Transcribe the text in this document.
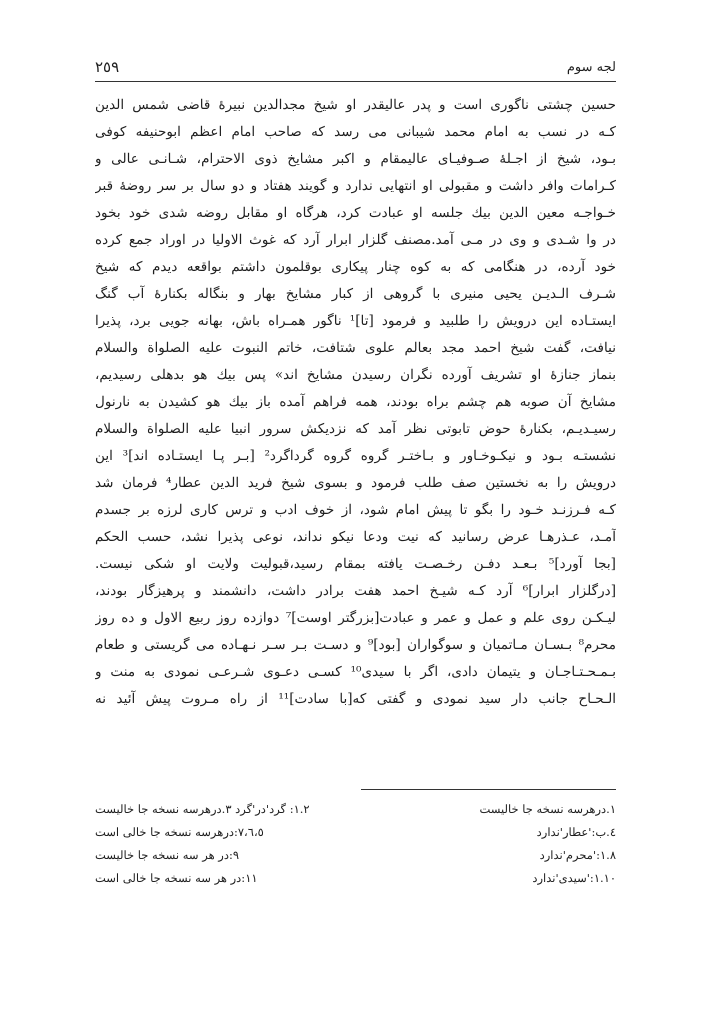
٢٥٩	لجه سوم
حسین چشتی ناگوری است و پدر عالیقدر او شیخ مجدالدین نبیرهٔ قاضی شمس الدین
کـه در نسب به امام محمد شیبانی می رسد که صاحب امام اعظم ابوحنیفه کوفی
بـود، شیخ از اجـلهٔ صـوفیـای عالیمقام و اکبر مشایخ ذوی الاحترام، شـانـی عالی و
کـرامات وافر داشت و مقبولی او انتهایی ندارد و گویند هفتاد و دو سال بر سر روضهٔ قبر
خـواجـه معین الدین بیك جلسه او عبادت کرد، هرگاه او مقابل روضه شدی خود بخود
در وا شـدی و وی در مـی آمد.مصنف گلزار ابرار آرد که غوث الاولیا در اوراد جمع کرده
خود آرده، در هنگامی که به کوه چنار پیکاری بوقلمون داشتم بواقعه دیدم که شیخ
شـرف الـدیـن یحیی منیری با گروهی از کبار مشایخ بهار و بنگاله بکنارهٔ آب گنگ
ایستـاده این درویش را طلبید و فرمود [تا]¹ ناگور همـراه باش، بهانه جویی برد، پذیرا
نیافت، گفت شیخ احمد مجد بعالم علوی شتافت، خاتم النبوت علیه الصلواة والسلام
بنماز جنازهٔ او تشریف آورده نگران رسیدن مشایخ اند» پس بیك هو بدهلی رسیدیم،
مشایخ آن صوبه هم چشم براه بودند، همه فراهم آمده باز بیك هو کشیدن به نارنول
رسیـدیـم، بکنارهٔ حوض تابوتی نظر آمد که نزدیکش سرور انبیا علیه الصلواة والسلام
نشستـه بـود و نیکـوخـاور و بـاختـر گروه گروه گرداگرد² [بـر پـا ایستـاده اند]³ این
درویش را به نخستین صف طلب فرمود و بسوی شیخ فرید الدین عطار⁴ فرمان شد
کـه فـرزنـد خـود را بگو تا پیش امام شود، از خوف ادب و ترس کاری لرزه بر جسدم
آمـد، عـذرهـا عرض رسانید که نیت ودعا نیکو نداند، نوعی پذیرا نشد، حسب الحکم
[بجا آورد]⁵ بـعـد دفـن رخـصـت یافته بمقام رسید،قبولیت ولایت او شکی نیست.
[درگلزار ابرار]⁶ آرد کـه شیـخ احمد هفت برادر داشت، دانشمند و پرهیزگار بودند،
لیـکـن روی علم و عمل و عمر و عبادت[بزرگتر اوست]⁷ دوازده روز ربیع الاول و ده روز
محرم⁸ بـسـان مـاتمیان و سوگواران [بود]⁹ و دسـت بـر سـر نـهـاده می گریستی و طعام
بـمـحـتـاجـان و یتیمان دادی، اگر با سیدی¹⁰ کسـی دعـوی شـرعـی نمودی به منت و
الـحـاح جانب دار سید نمودی و گفتی که[با سادت]¹¹ از راه مـروت پیش آئید نه
١.درهرسه نسخه جا خالیست
١.٢: گرد'در'گرد ٣.درهرسه نسخه جا خالیست
٤.ب:'عطار'ندارد
٧،٦،٥:درهرسه نسخه جا خالی است
١.٨:'محرم'ندارد
٩:در هر سه نسخه جا خالیست
١.١٠:'سیدی'ندارد
١١:در هر سه نسخه جا خالی است
